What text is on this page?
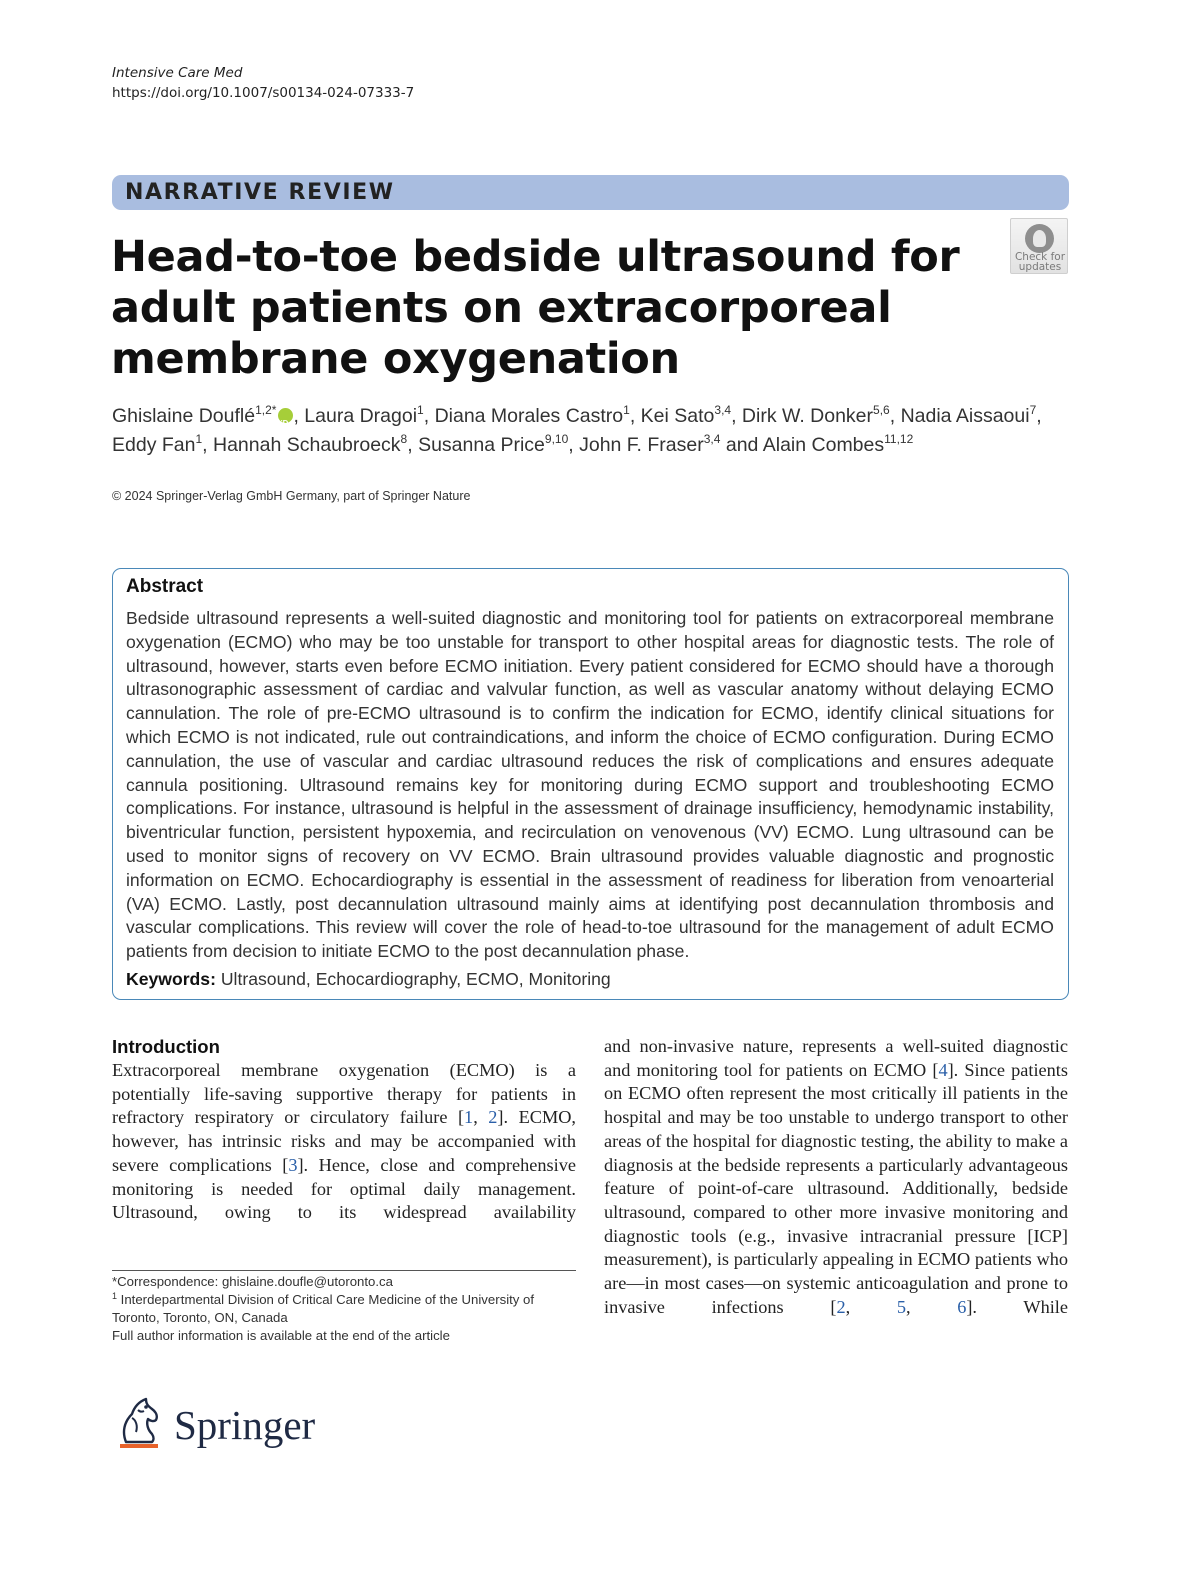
Intensive Care Med
https://doi.org/10.1007/s00134-024-07333-7
NARRATIVE REVIEW
Head-to-toe bedside ultrasound for adult patients on extracorporeal membrane oxygenation
Check for
updates
Ghislaine Douflé$^{1,2*}$iD , Laura Dragoi$^1$, Diana Morales Castro$^1$, Kei Sato$^{3,4}$, Dirk W. Donker$^{5,6}$, Nadia Aissaoui$^7$,
Eddy Fan$^1$, Hannah Schaubroeck$^8$, Susanna Price$^{9,10}$, John F. Fraser$^{3,4}$ and Alain Combes$^{11,12}$
© 2024 Springer-Verlag GmbH Germany, part of Springer Nature
Abstract

Bedside ultrasound represents a well-suited diagnostic and monitoring tool for patients on extracorporeal membrane oxygenation (ECMO) who may be too unstable for transport to other hospital areas for diagnostic tests. The role of ultrasound, however, starts even before ECMO initiation. Every patient considered for ECMO should have a thorough ultrasonographic assessment of cardiac and valvular function, as well as vascular anatomy without delaying ECMO cannulation. The role of pre-ECMO ultrasound is to confirm the indication for ECMO, identify clinical situations for which ECMO is not indicated, rule out contraindications, and inform the choice of ECMO configuration. During ECMO cannulation, the use of vascular and cardiac ultrasound reduces the risk of complications and ensures adequate cannula positioning. Ultrasound remains key for monitoring during ECMO support and troubleshooting ECMO complications. For instance, ultrasound is helpful in the assessment of drainage insufficiency, hemodynamic instability, biventricular function, persistent hypoxemia, and recirculation on venovenous (VV) ECMO. Lung ultrasound can be used to monitor signs of recovery on VV ECMO. Brain ultrasound provides valuable diagnostic and prognostic information on ECMO. Echocardiography is essential in the assessment of readiness for liberation from venoarterial (VA) ECMO. Lastly, post decannulation ultrasound mainly aims at identifying post decannulation thrombosis and vascular complications. This review will cover the role of head-to-toe ultrasound for the management of adult ECMO patients from decision to initiate ECMO to the post decannulation phase.

Keywords: Ultrasound, Echocardiography, ECMO, Monitoring

Introduction

Extracorporeal membrane oxygenation (ECMO) is a potentially life-saving supportive therapy for patients in refractory respiratory or circulatory failure [1, 2]. ECMO, however, has intrinsic risks and may be accompanied with severe complications [3]. Hence, close and comprehensive monitoring is needed for optimal daily management. Ultrasound, owing to its widespread availability

and non-invasive nature, represents a well-suited diagnostic and monitoring tool for patients on ECMO [4]. Since patients on ECMO often represent the most critically ill patients in the hospital and may be too unstable to undergo transport to other areas of the hospital for diagnostic testing, the ability to make a diagnosis at the bedside represents a particularly advantageous feature of point-of-care ultrasound. Additionally, bedside ultrasound, compared to other more invasive monitoring and diagnostic tools (e.g., invasive intracranial pressure [ICP] measurement), is particularly appealing in ECMO patients who are—in most cases—on systemic anticoagulation and prone to invasive infections [2, 5, 6]. While

*Correspondence: ghislaine.doufle@utoronto.ca
$^1$ Interdepartmental Division of Critical Care Medicine of the University of Toronto, Toronto, ON, Canada
Full author information is available at the end of the article
Springer
